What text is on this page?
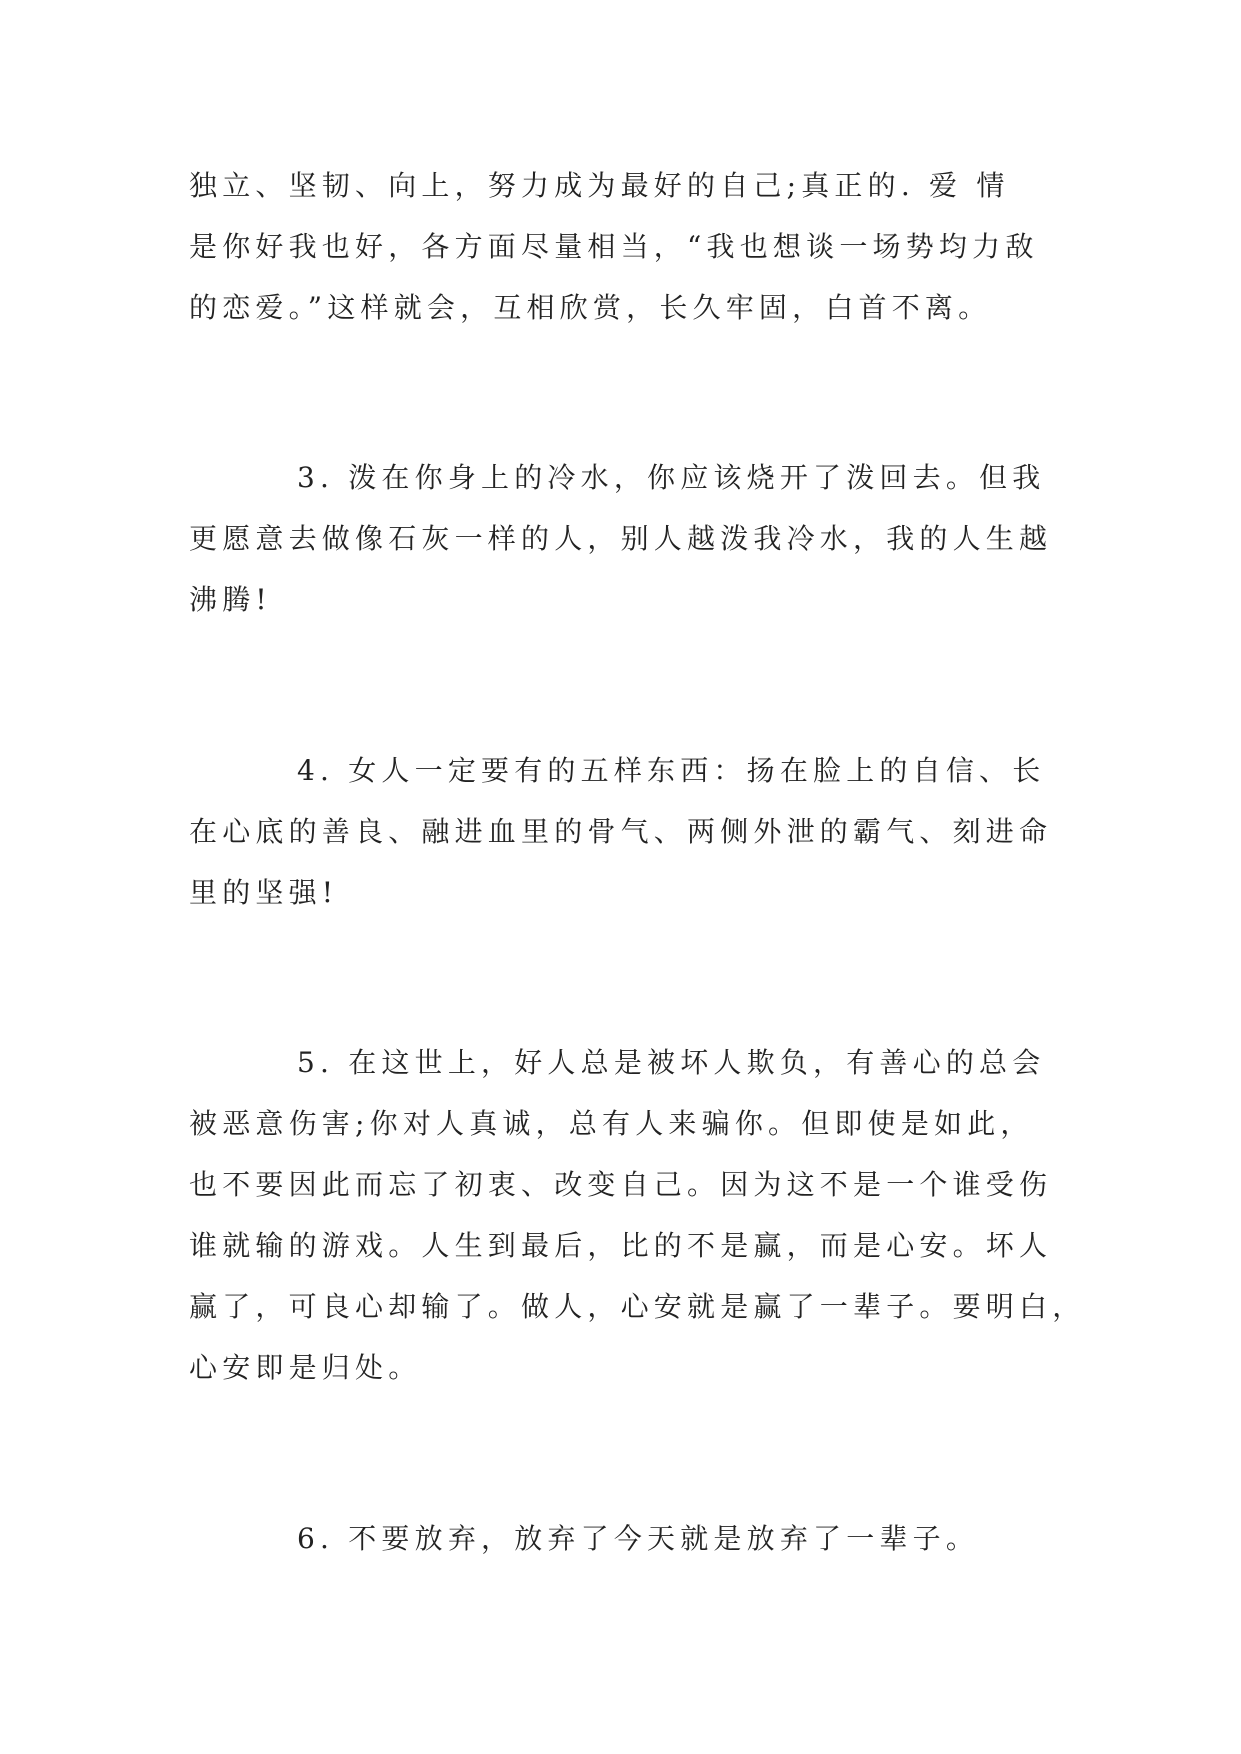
独立、坚韧、向上，努力成为最好的自己;真正的. 爱 情

是你好我也好，各方面尽量相当，“我也想谈一场势均力敌

的恋爱。”这样就会，互相欣赏，长久牢固，白首不离。

3. 泼在你身上的冷水，你应该烧开了泼回去。但我

更愿意去做像石灰一样的人，别人越泼我冷水，我的人生越

沸腾!

4. 女人一定要有的五样东西：扬在脸上的自信、长

在心底的善良、融进血里的骨气、两侧外泄的霸气、刻进命

里的坚强!

5. 在这世上，好人总是被坏人欺负，有善心的总会

被恶意伤害;你对人真诚，总有人来骗你。但即使是如此，

也不要因此而忘了初衷、改变自己。因为这不是一个谁受伤

谁就输的游戏。人生到最后，比的不是赢，而是心安。坏人

赢了，可良心却输了。做人，心安就是赢了一辈子。要明白，

心安即是归处。

6. 不要放弃，放弃了今天就是放弃了一辈子。
